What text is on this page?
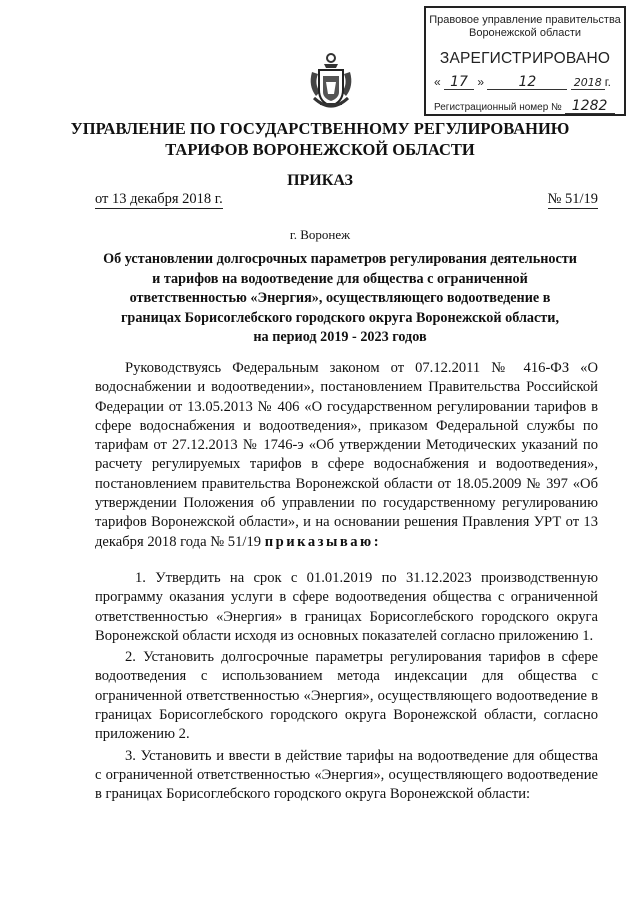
Правовое управление правительства
Воронежской области
ЗАРЕГИСТРИРОВАНО
« 17 » 12	2018 г.
Регистрационный номер № 1282
УПРАВЛЕНИЕ ПО ГОСУДАРСТВЕННОМУ РЕГУЛИРОВАНИЮ
ТАРИФОВ ВОРОНЕЖСКОЙ ОБЛАСТИ
ПРИКАЗ
от 13 декабря 2018 г.	№ 51/19
г. Воронеж
Об установлении долгосрочных параметров регулирования деятельности
и тарифов на водоотведение для общества с ограниченной
ответственностью «Энергия», осуществляющего водоотведение в
границах Борисоглебского городского округа Воронежской области,
на период 2019 - 2023 годов

Руководствуясь Федеральным законом от 07.12.2011 № 416-ФЗ «О водоснабжении и водоотведении», постановлением Правительства Российской Федерации от 13.05.2013 № 406 «О государственном регулировании тарифов в сфере водоснабжения и водоотведения», приказом Федеральной службы по тарифам от 27.12.2013 № 1746-э «Об утверждении Методических указаний по расчету регулируемых тарифов в сфере водоснабжения и водоотведения», постановлением правительства Воронежской области от 18.05.2009 № 397 «Об утверждении Положения об управлении по государственному регулированию тарифов Воронежской области», и на основании решения Правления УРТ от 13 декабря 2018 года № 51/19 приказываю:

1. Утвердить на срок с 01.01.2019 по 31.12.2023 производственную программу оказания услуги в сфере водоотведения общества с ограниченной ответственностью «Энергия» в границах Борисоглебского городского округа Воронежской области исходя из основных показателей согласно приложению 1.

2. Установить долгосрочные параметры регулирования тарифов в сфере водоотведения с использованием метода индексации для общества с ограниченной ответственностью «Энергия», осуществляющего водоотведение в границах Борисоглебского городского округа Воронежской области, согласно приложению 2.

3. Установить и ввести в действие тарифы на водоотведение для общества с ограниченной ответственностью «Энергия», осуществляющего водоотведение в границах Борисоглебского городского округа Воронежской области:
